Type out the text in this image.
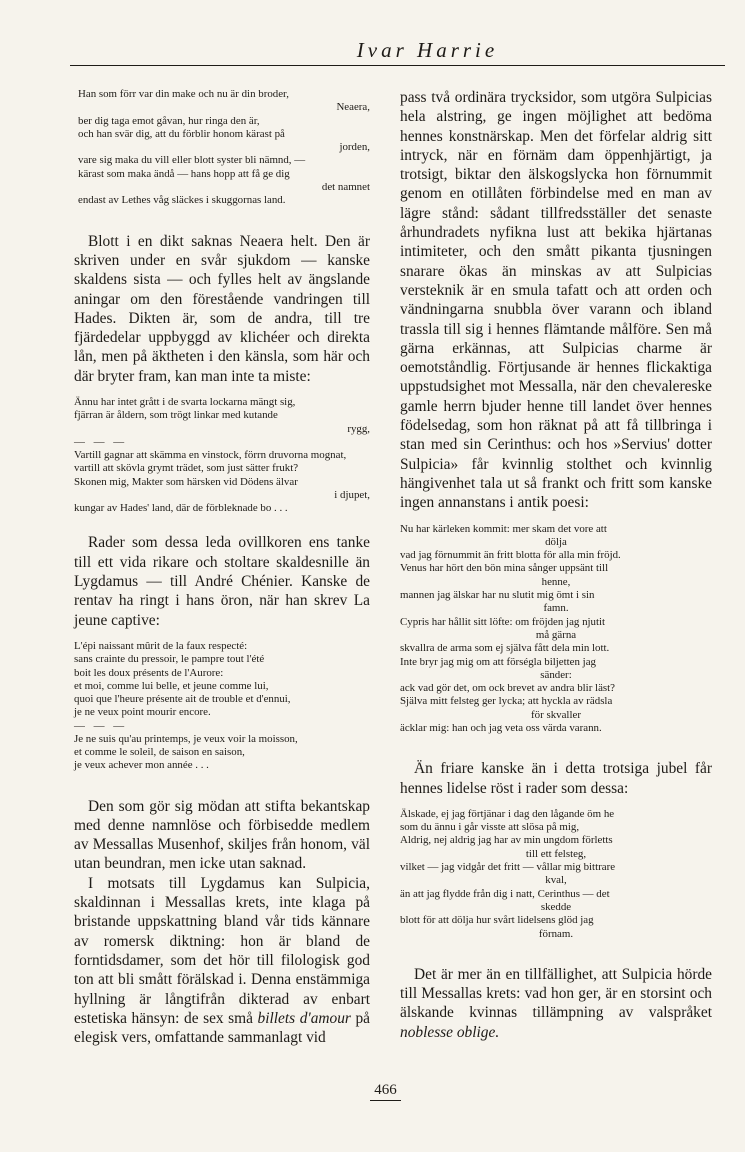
Ivar Harrie
Han som förr var din make och nu är din broder,
Neaera,
ber dig taga emot gåvan, hur ringa den är,
och han svär dig, att du förblir honom kärast på
jorden,
vare sig maka du vill eller blott syster bli nämnd, —
kärast som maka ändå — hans hopp att få ge dig
det namnet
endast av Lethes våg släckes i skuggornas land.

Blott i en dikt saknas Neaera helt. Den är skriven under en svår sjukdom — kanske skaldens sista — och fylles helt av ängslande aningar om den förestående vandringen till Hades. Dikten är, som de andra, till tre fjärdedelar uppbyggd av klichéer och direkta lån, men på äktheten i den känsla, som här och där bryter fram, kan man inte ta miste:

Ännu har intet grått i de svarta lockarna mängt sig,
fjärran är åldern, som trögt linkar med kutande
rygg,
— — —
Vartill gagnar att skämma en vinstock, förrn druvorna mognat,
vartill att skövla grymt trädet, som just sätter frukt?
Skonen mig, Makter som härsken vid Dödens älvar
i djupet,
kungar av Hades' land, där de förbleknade bo . . .

Rader som dessa leda ovillkoren ens tanke till ett vida rikare och stoltare skaldesnille än Lygdamus — till André Chénier. Kanske de rentav ha ringt i hans öron, när han skrev La jeune captive:

L'épi naissant mûrit de la faux respecté:
sans crainte du pressoir, le pampre tout l'été
boit les doux présents de l'Aurore:
et moi, comme lui belle, et jeune comme lui,
quoi que l'heure présente ait de trouble et d'ennui,
je ne veux point mourir encore.
— — —
Je ne suis qu'au printemps, je veux voir la moisson,
et comme le soleil, de saison en saison,
je veux achever mon année . . .

Den som gör sig mödan att stifta bekantskap med denne namnlöse och förbisedde medlem av Messallas Musenhof, skiljes från honom, väl utan beundran, men icke utan saknad.

I motsats till Lygdamus kan Sulpicia, skaldinnan i Messallas krets, inte klaga på bristande uppskattning bland vår tids kännare av romersk diktning: hon är bland de forntidsdamer, som det hör till filologisk god ton att bli smått förälskad i. Denna enstämmiga hyllning är långtifrån dikterad av enbart estetiska hänsyn: de sex små billets d'amour på elegisk vers, omfattande sammanlagt vid

pass två ordinära trycksidor, som utgöra Sulpicias hela alstring, ge ingen möjlighet att bedöma hennes konstnärskap. Men det förfelar aldrig sitt intryck, när en förnäm dam öppenhjärtigt, ja trotsigt, biktar den älskogslycka hon förnummit genom en otillåten förbindelse med en man av lägre stånd: sådant tillfredsställer det senaste århundradets nyfikna lust att bekika hjärtanas intimiteter, och den smått pikanta tjusningen snarare ökas än minskas av att Sulpicias versteknik är en smula tafatt och att orden och vändningarna snubbla över varann och ibland trassla till sig i hennes flämtande målföre. Sen må gärna erkännas, att Sulpicias charme är oemotståndlig. Förtjusande är hennes flickaktiga uppstudsighet mot Messalla, när den chevalereske gamle herrn bjuder henne till landet över hennes födelsedag, som hon räknat på att få tillbringa i stan med sin Cerinthus: och hos »Servius' dotter Sulpicia» får kvinnlig stolthet och kvinnlig hängivenhet tala ut så frankt och fritt som kanske ingen annanstans i antik poesi:

Nu har kärleken kommit: mer skam det vore att
dölja
vad jag förnummit än fritt blotta för alla min fröjd.
Venus har hört den bön mina sånger uppsänt till
henne,
mannen jag älskar har nu slutit mig ömt i sin
famn.
Cypris har hållit sitt löfte: om fröjden jag njutit
må gärna
skvallra de arma som ej själva fått dela min lott.
Inte bryr jag mig om att förségla biljetten jag
sänder:
ack vad gör det, om ock brevet av andra blir läst?
Själva mitt felsteg ger lycka; att hyckla av rädsla
för skvaller
äcklar mig: han och jag veta oss värda varann.

Än friare kanske än i detta trotsiga jubel får hennes lidelse röst i rader som dessa:

Älskade, ej jag förtjänar i dag den lågande öm he
som du ännu i går visste att slösa på mig,
Aldrig, nej aldrig jag har av min ungdom förletts
till ett felsteg,
vilket — jag vidgår det fritt — vållar mig bittrare
kval,
än att jag flydde från dig i natt, Cerinthus — det
skedde
blott för att dölja hur svårt lidelsens glöd jag
förnam.

Det är mer än en tillfällighet, att Sulpicia hörde till Messallas krets: vad hon ger, är en storsint och älskande kvinnas tillämpning av valspråket noblesse oblige.

466
